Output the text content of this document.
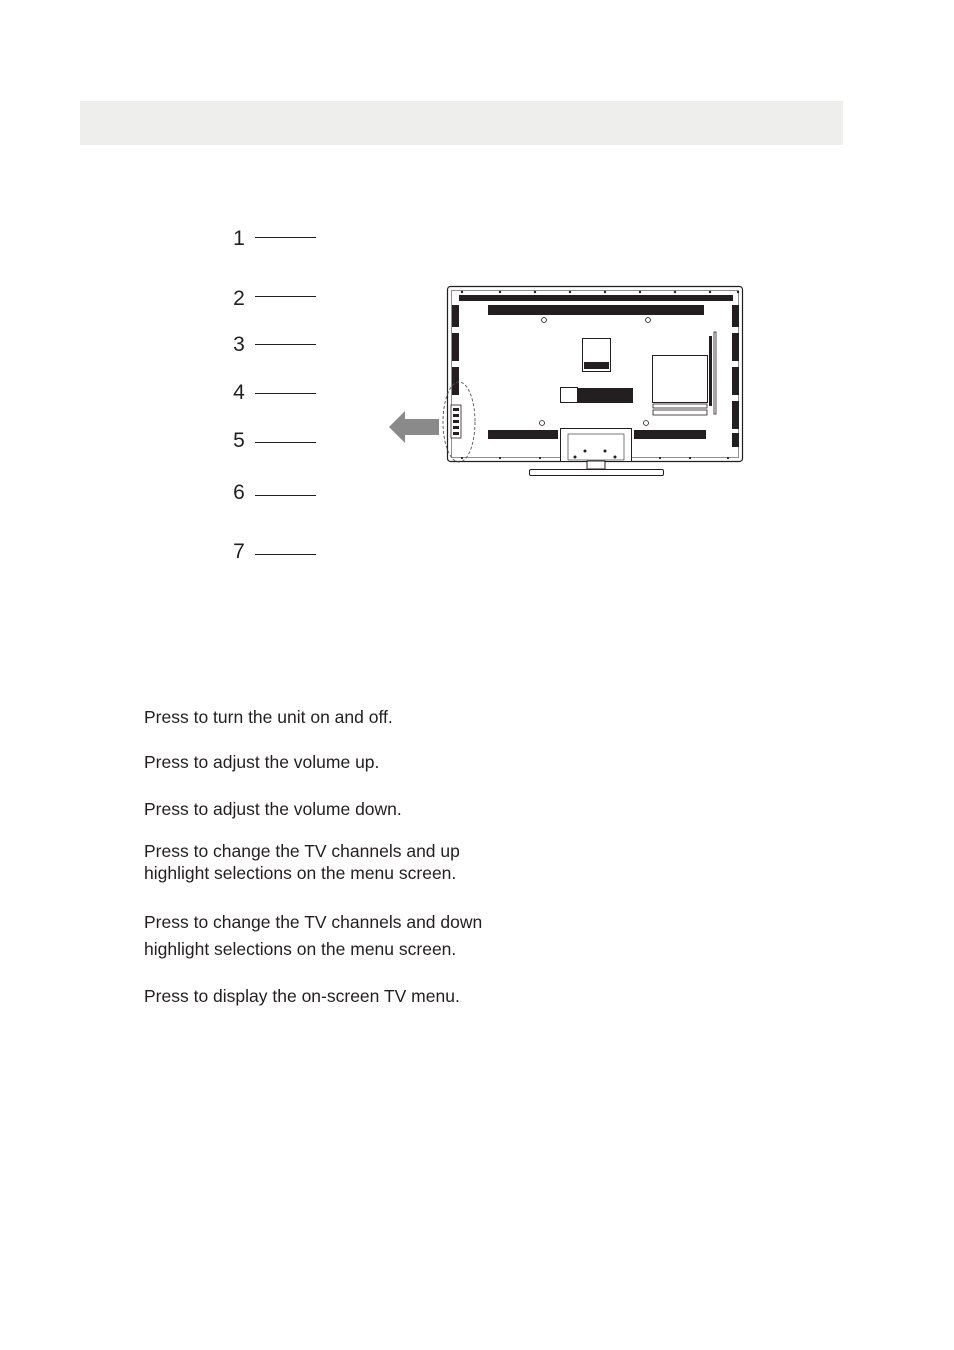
1
2
3
4
5
6
7
Press to turn the unit on and off.
Press to adjust the volume up.
Press to adjust the volume down.
Press to change the TV channels and up
highlight selections on the menu screen.
Press to change the TV channels and down
highlight selections on the menu screen.
Press to display the on-screen TV menu.
